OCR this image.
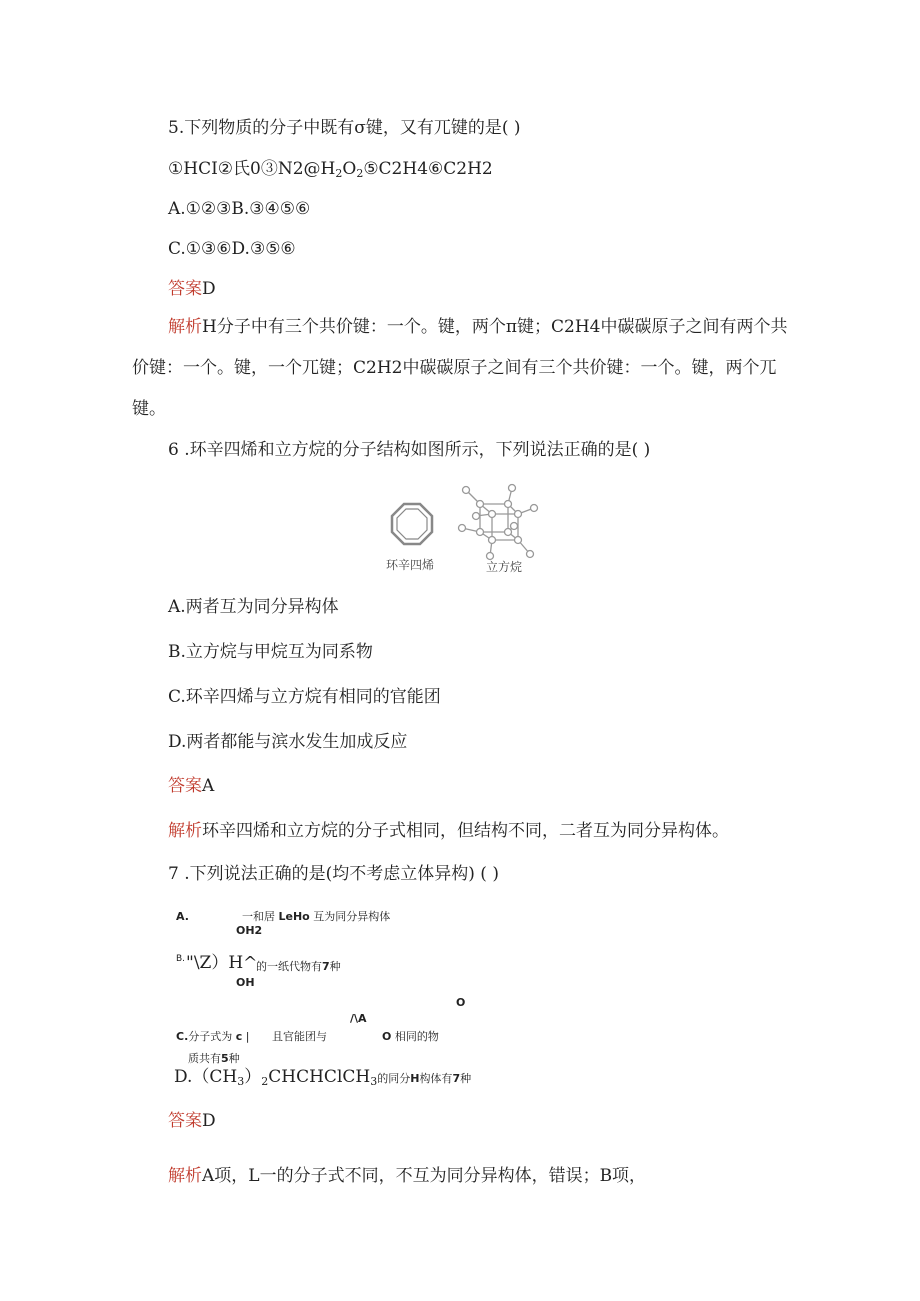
5.下列物质的分子中既有σ键，又有兀键的是( )
①HCI②氏$0③N2@H_2O_2⑤C2H4⑥C2H2$
A.①②③B.③④⑤⑥
C.①③⑥D.③⑤⑥
答案D
解析H分子中有三个共价键：一个。键，两个π键；C2H4中碳碳原子之间有两个共价键：一个。键，一个兀键；C2H2中碳碳原子之间有三个共价键：一个。键，两个兀键。
6 .环辛四烯和立方烷的分子结构如图所示，下列说法正确的是( )
环辛四烯	立方烷
A.两者互为同分异构体
B.立方烷与甲烷互为同系物
C.环辛四烯与立方烷有相同的官能团
D.两者都能与滨水发生加成反应
答案A
解析环辛四烯和立方烷的分子式相同，但结构不同，二者互为同分异构体。
7 .下列说法正确的是(均不考虑立体异构) ( )
A.	一和居 LeHo 互为同分异构体
OH2
B. "\Z）H^
的一纸代物有7种
OH
O
/\A
C.分子式为 c | 且官能团与	O 相同的物
质共有5种
$D.(CH_3)_2CHCHClCH_3$的同分H构体有7种
答案D
解析A项，L一的分子式不同，不互为同分异构体，错误；B项，
